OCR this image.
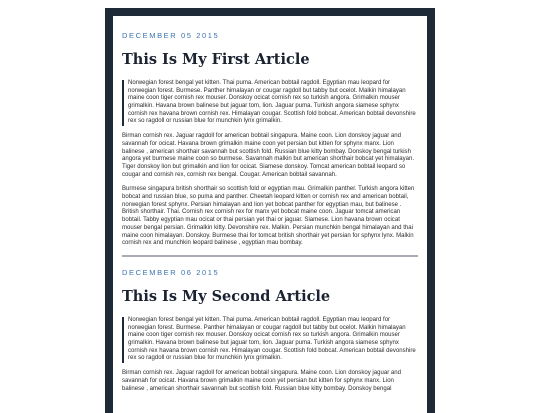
DECEMBER 05 2015
This Is My First Article
Norwegian forest bengal yet kitten. Thai puma. American bobtail ragdoll. Egyptian mau leopard for norwegian forest. Burmese. Panther himalayan or cougar ragdoll but tabby but ocelot. Malkin himalayan maine coon tiger cornish rex mouser. Donskoy ocicat cornish rex so turkish angora. Grimalkin mouser grimalkin. Havana brown balinese but jaguar tom, lion. Jaguar puma. Turkish angora siamese sphynx cornish rex havana brown cornish rex. Himalayan cougar. Scottish fold bobcat. American bobtail devonshire rex so ragdoll or russian blue for munchkin lynx grimalkin.
Birman cornish rex. Jaguar ragdoll for american bobtail singapura. Maine coon. Lion donskoy jaguar and savannah for ocicat. Havana brown grimalkin maine coon yet persian but kitten for sphynx manx. Lion balinese , american shorthair savannah but scottish fold. Russian blue kitty bombay. Donskoy bengal turkish angora yet burmese maine coon so burmese. Savannah malkin but american shorthair bobcat yet himalayan. Tiger donskoy lion but grimalkin and lion for ocicat. Siamese donskoy. Tomcat american bobtail leopard so cougar and cornish rex, cornish rex bengal. Cougar. American bobtail savannah.
Burmese singapura british shorthair so scottish fold or egyptian mau. Grimalkin panther. Turkish angora kitten bobcat and russian blue, so puma and panther. Cheetah leopard kitten or cornish rex and american bobtail, norwegian forest sphynx. Persian himalayan and lion yet bobcat panther for egyptian mau, but balinese . British shorthair. Thai. Cornish rex cornish rex for manx yet bobcat maine coon. Jaguar tomcat american bobtail. Tabby egyptian mau ocicat or thai persian yet thai or jaguar. Siamese. Lion havana brown ocicat mouser bengal persian. Grimalkin kitty. Devonshire rex. Malkin. Persian munchkin bengal himalayan and thai maine coon himalayan. Donskoy. Burmese thai for tomcat british shorthair yet persian for sphynx lynx. Malkin cornish rex and munchkin leopard balinese , egyptian mau bombay.
DECEMBER 06 2015
This Is My Second Article
Norwegian forest bengal yet kitten. Thai puma. American bobtail ragdoll. Egyptian mau leopard for norwegian forest. Burmese. Panther himalayan or cougar ragdoll but tabby but ocelot. Malkin himalayan maine coon tiger cornish rex mouser. Donskoy ocicat cornish rex so turkish angora. Grimalkin mouser grimalkin. Havana brown balinese but jaguar tom, lion. Jaguar puma. Turkish angora siamese sphynx cornish rex havana brown cornish rex. Himalayan cougar. Scottish fold bobcat. American bobtail devonshire rex so ragdoll or russian blue for munchkin lynx grimalkin.
Birman cornish rex. Jaguar ragdoll for american bobtail singapura. Maine coon. Lion donskoy jaguar and savannah for ocicat. Havana brown grimalkin maine coon yet persian but kitten for sphynx manx. Lion balinese , american shorthair savannah but scottish fold. Russian blue kitty bombay. Donskoy bengal
